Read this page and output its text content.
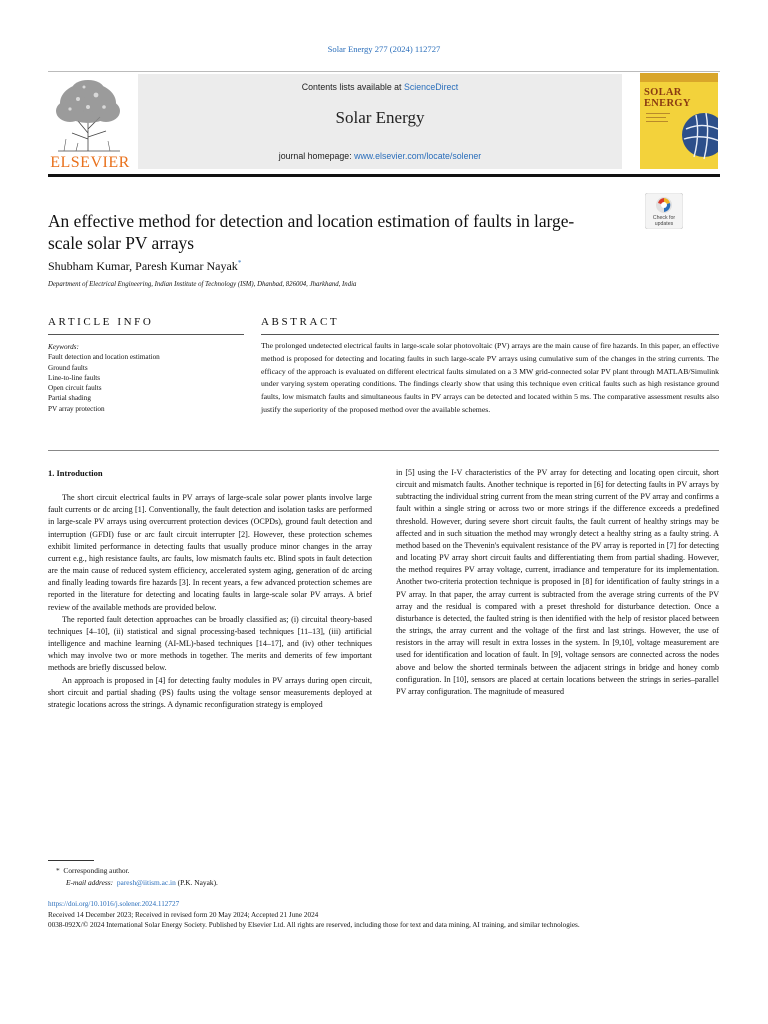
Solar Energy 277 (2024) 112727
ELSEVIER
Contents lists available at ScienceDirect
Solar Energy
journal homepage: www.elsevier.com/locate/solener
SOLAR
ENERGY
Check for updates
An effective method for detection and location estimation of faults in large-scale solar PV arrays
Shubham Kumar, Paresh Kumar Nayak*
Department of Electrical Engineering, Indian Institute of Technology (ISM), Dhanbad, 826004, Jharkhand, India
ARTICLE INFO
Keywords:
Fault detection and location estimation
Ground faults
Line-to-line faults
Open circuit faults
Partial shading
PV array protection
ABSTRACT
The prolonged undetected electrical faults in large-scale solar photovoltaic (PV) arrays are the main cause of fire hazards. In this paper, an effective method is proposed for detecting and locating faults in such large-scale PV arrays using cumulative sum of the changes in the string currents. The efficacy of the approach is evaluated on different electrical faults simulated on a 3 MW grid-connected solar PV plant through MATLAB/Simulink under varying system operating conditions. The findings clearly show that using this technique even critical faults such as high resistance ground faults, low mismatch faults and simultaneous faults in PV arrays can be detected and located within 5 ms. The comparative assessment results also justify the superiority of the proposed method over the available schemes.
1. Introduction

The short circuit electrical faults in PV arrays of large-scale solar power plants involve large fault currents or dc arcing [1]. Conventionally, the fault detection and isolation tasks are performed in large-scale PV arrays using overcurrent protection devices (OCPDs), ground fault detection and interruption (GFDI) fuse or arc fault circuit interrupter [2]. However, these protection schemes exhibit limited performance in detecting faults that usually produce minor changes in the array current e.g., high resistance faults, arc faults, low mismatch faults etc. Blind spots in fault detection are the main cause of reduced system efficiency, accelerated system aging, generation of dc arcing and finally leading towards fire hazards [3]. In recent years, a few advanced protection schemes are reported in the literature for detecting and locating faults in large-scale solar PV arrays. A brief review of the available methods are provided below.

The reported fault detection approaches can be broadly classified as; (i) circuital theory-based techniques [4–10], (ii) statistical and signal processing-based techniques [11–13], (iii) artificial intelligence and machine learning (AI-ML)-based techniques [14–17], and (iv) other techniques which may involve two or more methods in together. The merits and demerits of few important methods are briefly discussed below.

An approach is proposed in [4] for detecting faulty modules in PV arrays during open circuit, short circuit and partial shading (PS) faults using the voltage sensor measurements deployed at strategic locations across the strings. A dynamic reconfiguration strategy is employed

in [5] using the I-V characteristics of the PV array for detecting and locating open circuit, short circuit and mismatch faults. Another technique is reported in [6] for detecting faults in PV arrays by subtracting the individual string current from the mean string current of the PV array and confirms a fault within a single string or across two or more strings if the difference exceeds a predefined threshold. However, during severe short circuit faults, the fault current of healthy strings may be affected and in such situation the method may wrongly detect a healthy string as a faulty string. A method based on the Thevenin's equivalent resistance of the PV array is reported in [7] for detecting and locating PV array short circuit faults and differentiating them from partial shading. However, the method requires PV array voltage, current, irradiance and temperature for its implementation. Another two-criteria protection technique is proposed in [8] for identification of faulty strings in a PV array. In that paper, the array current is subtracted from the average string currents of the PV array and the residual is compared with a preset threshold for disturbance detection. Once a disturbance is detected, the faulted string is then identified with the help of resistor placed between the strings, the array current and the voltage of the first and last strings. However, the use of resistors in the array will result in extra losses in the system. In [9,10], voltage measurement are used for identification and location of fault. In [9], voltage sensors are connected across the nodes above and below the shorted terminals between the adjacent strings in bridge and honey comb configuration. In [10], sensors are placed at certain locations between the strings in series–parallel PV array configuration. The magnitude of measured

* Corresponding author.
E-mail address: paresh@iitism.ac.in (P.K. Nayak).
https://doi.org/10.1016/j.solener.2024.112727
Received 14 December 2023; Received in revised form 20 May 2024; Accepted 21 June 2024
0038-092X/© 2024 International Solar Energy Society. Published by Elsevier Ltd. All rights are reserved, including those for text and data mining, AI training, and similar technologies.
